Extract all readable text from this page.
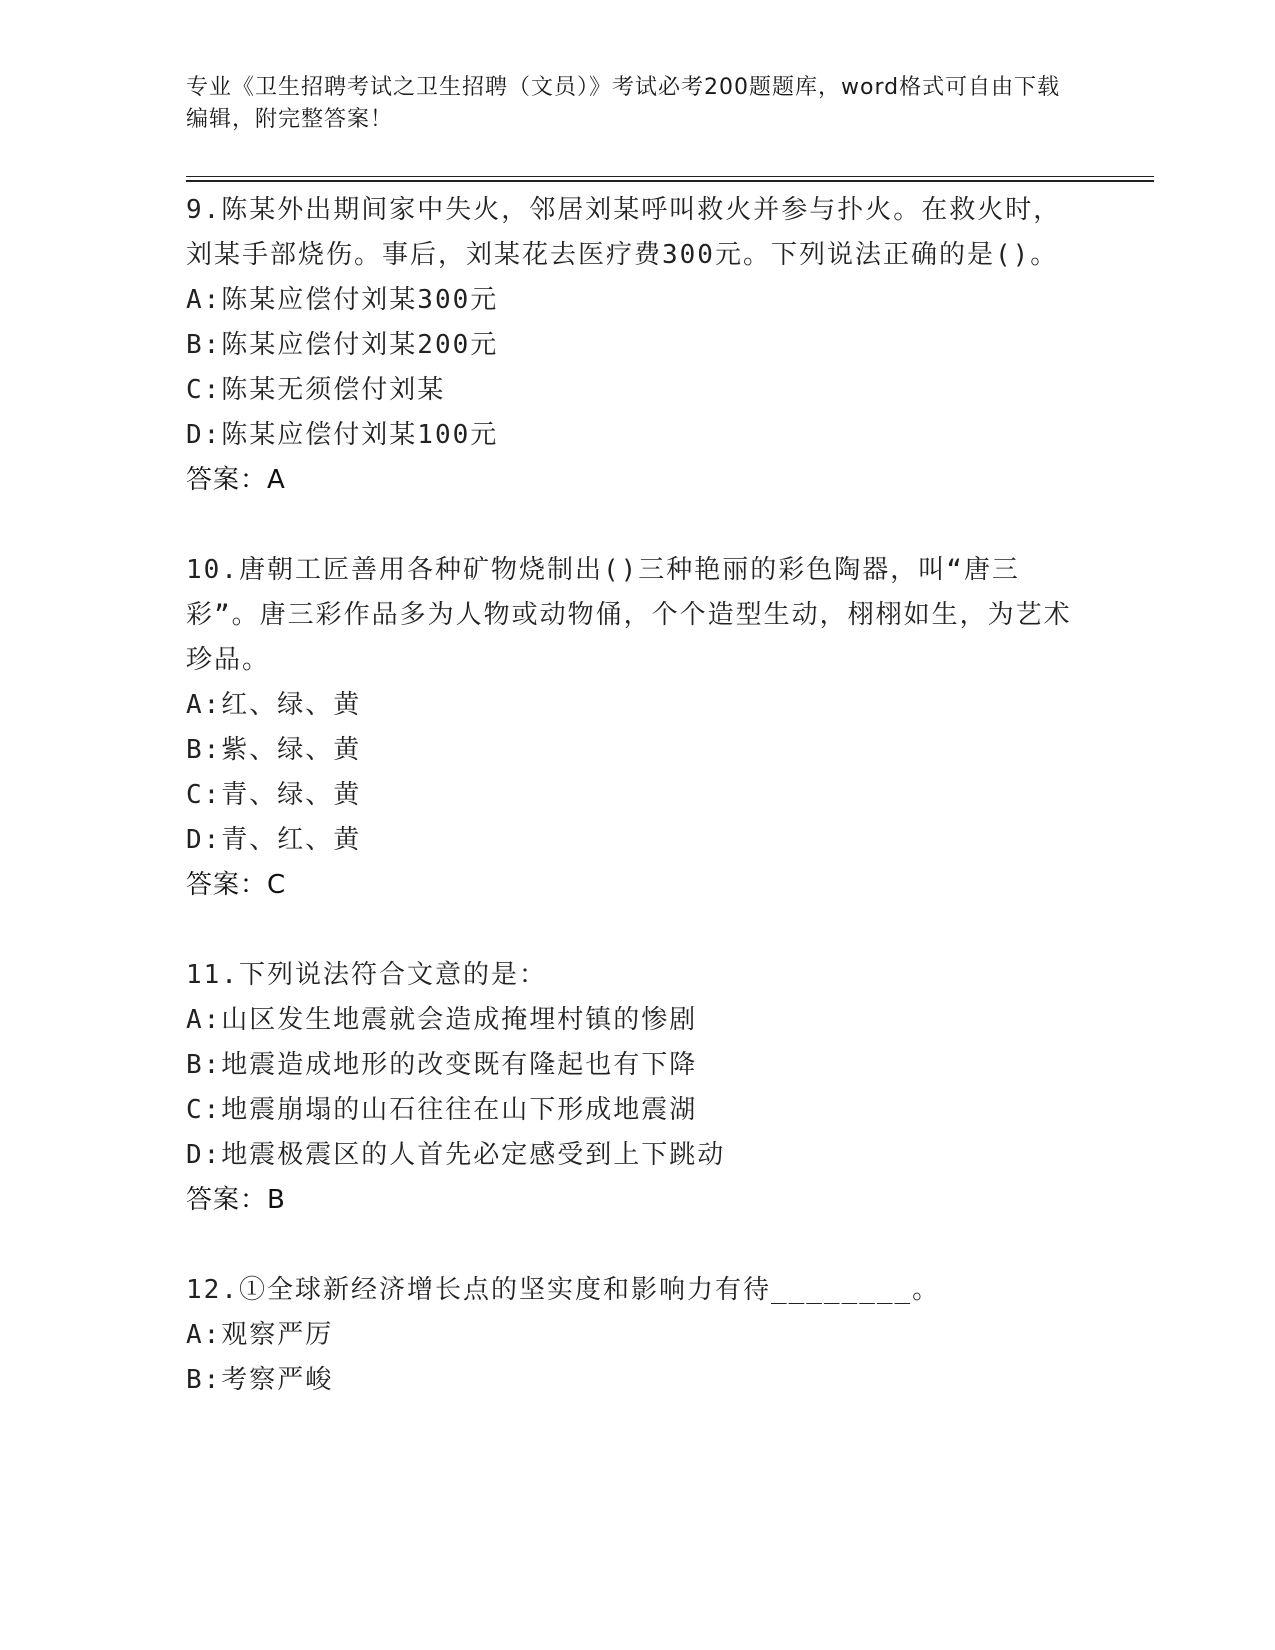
专业《卫生招聘考试之卫生招聘（文员）》考试必考200题题库，word格式可自由下载编辑，附完整答案！
9.陈某外出期间家中失火，邻居刘某呼叫救火并参与扑火。在救火时，刘某手部烧伤。事后，刘某花去医疗费300元。下列说法正确的是()。
A:陈某应偿付刘某300元
B:陈某应偿付刘某200元
C:陈某无须偿付刘某
D:陈某应偿付刘某100元
答案：A
10.唐朝工匠善用各种矿物烧制出()三种艳丽的彩色陶器，叫“唐三彩”。唐三彩作品多为人物或动物俑，个个造型生动，栩栩如生，为艺术珍品。
A:红、绿、黄
B:紫、绿、黄
C:青、绿、黄
D:青、红、黄
答案：C
11.下列说法符合文意的是：
A:山区发生地震就会造成掩埋村镇的惨剧
B:地震造成地形的改变既有隆起也有下降
C:地震崩塌的山石往往在山下形成地震湖
D:地震极震区的人首先必定感受到上下跳动
答案：B
12.①全球新经济增长点的坚实度和影响力有待________。
A:观察严厉
B:考察严峻
